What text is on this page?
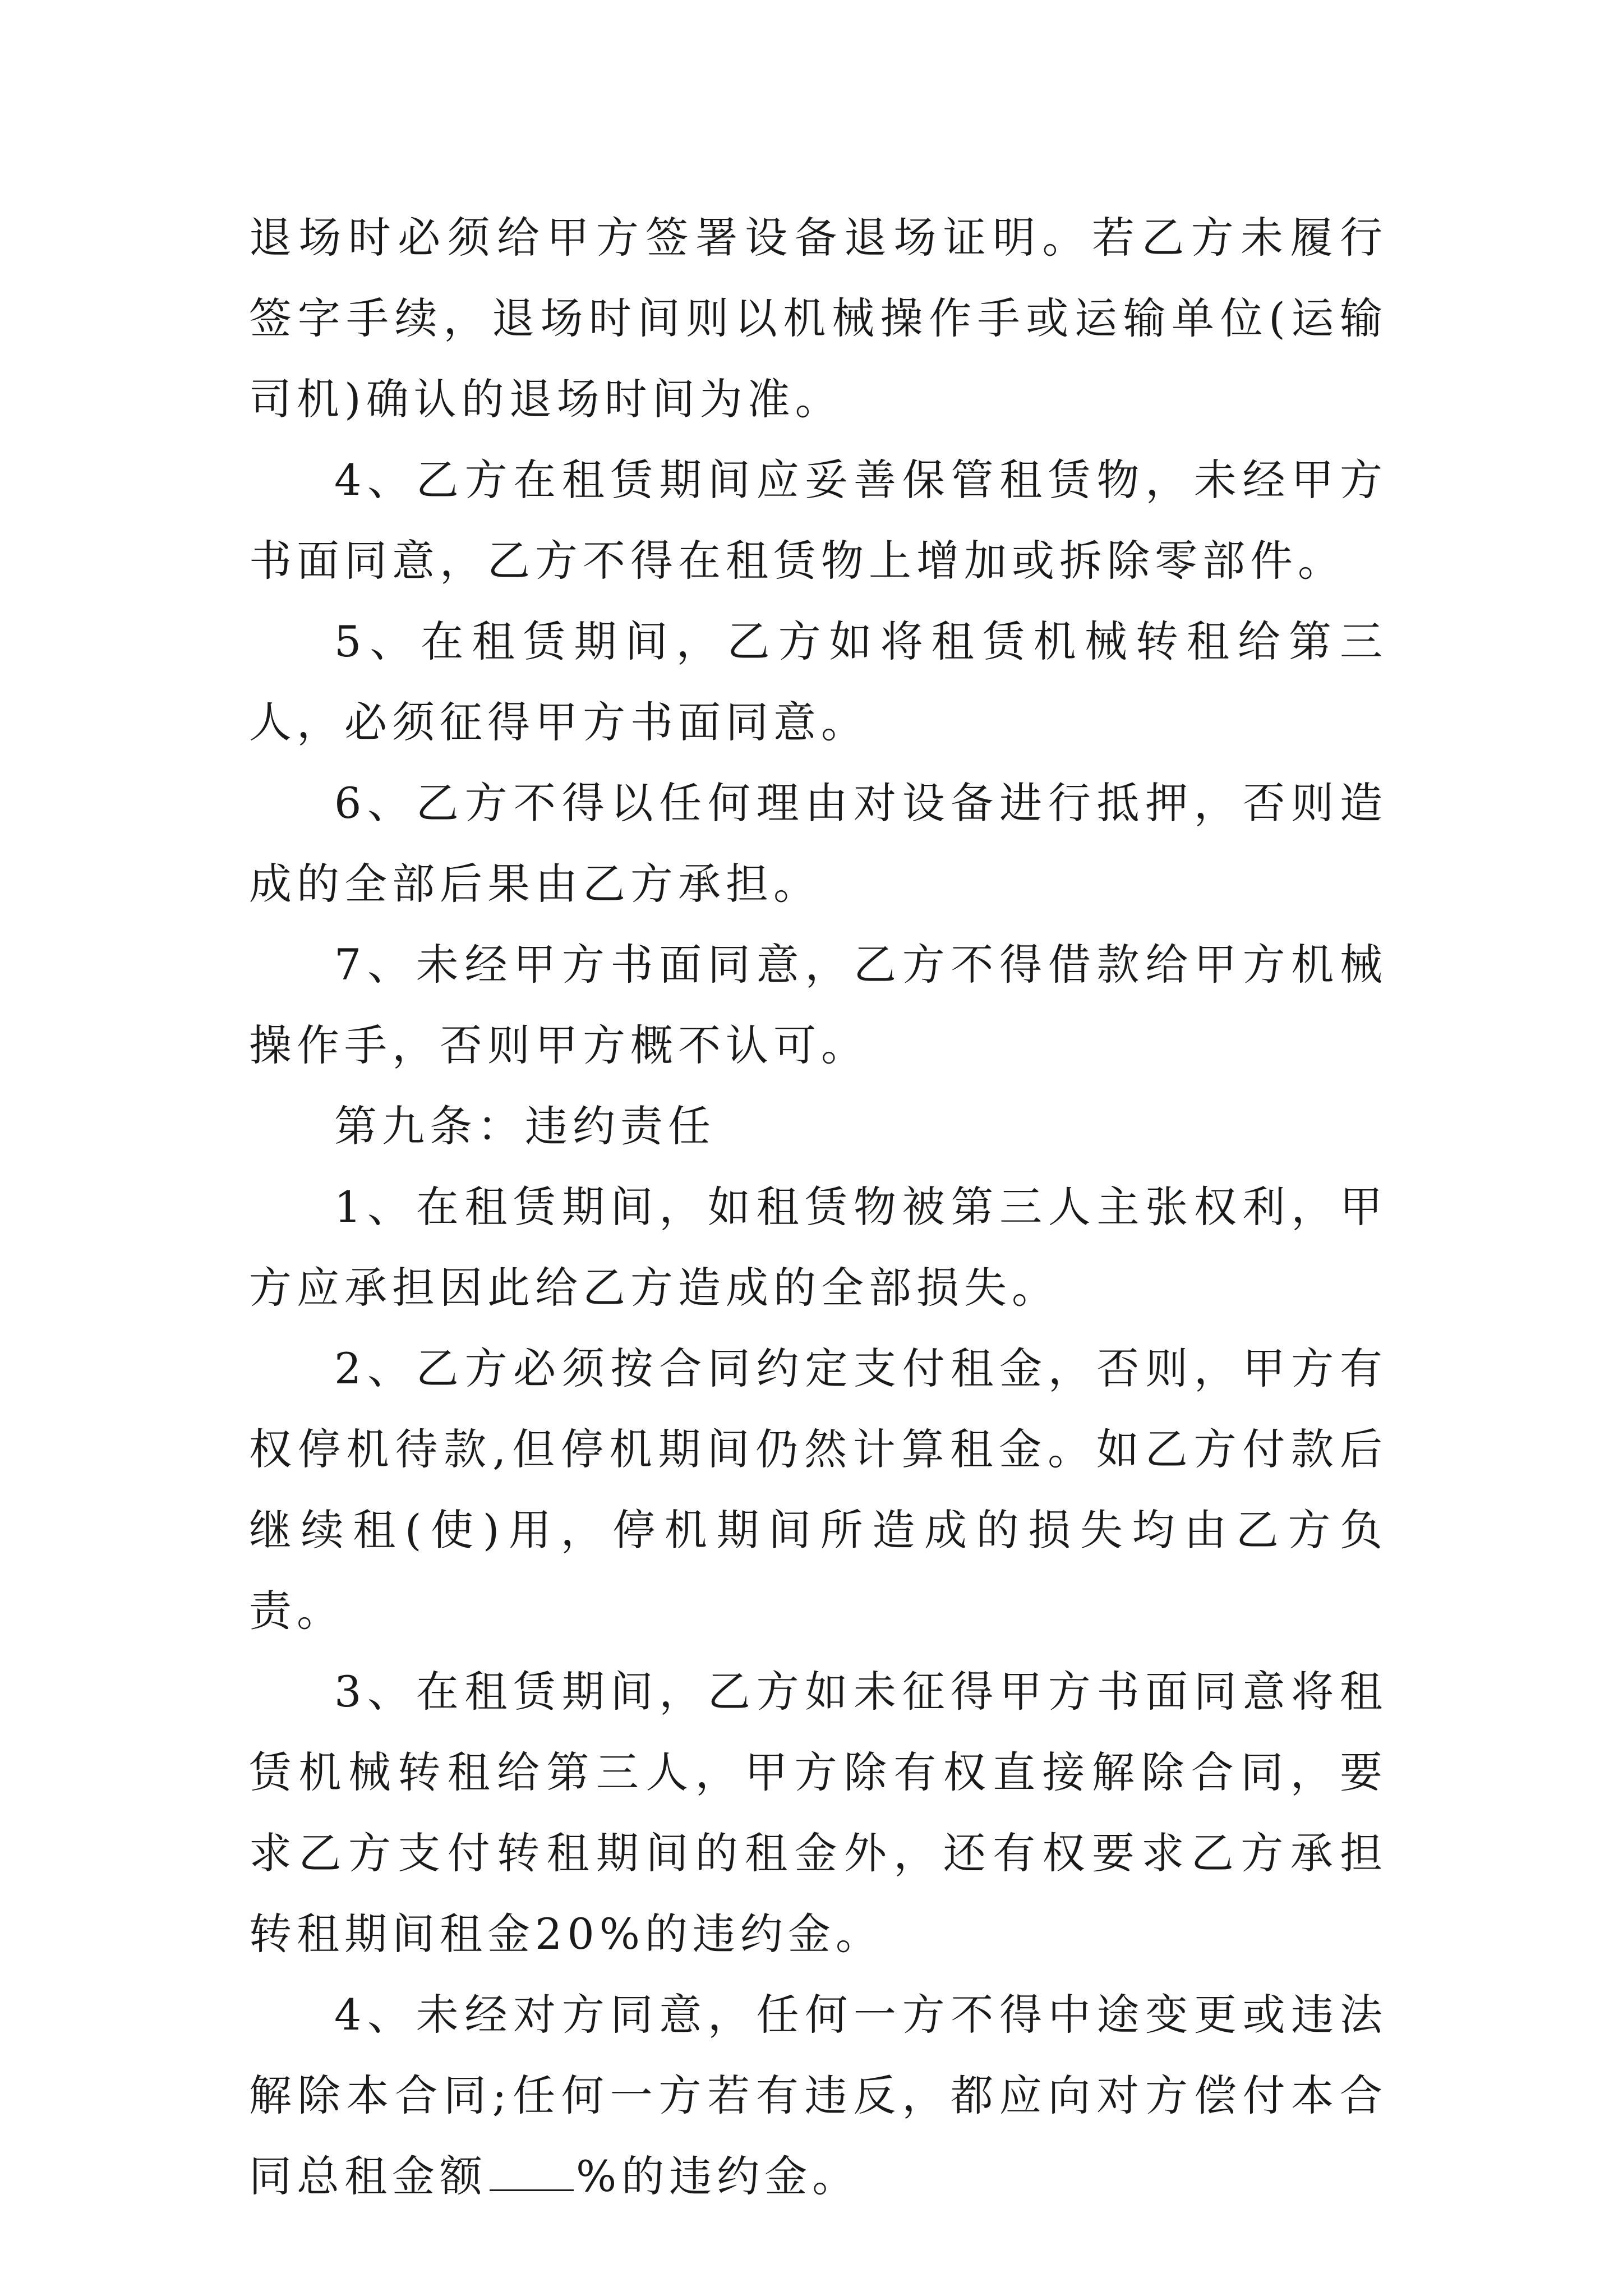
退场时必须给甲方签署设备退场证明。若乙方未履行签字手续，退场时间则以机械操作手或运输单位(运输司机)确认的退场时间为准。

4、乙方在租赁期间应妥善保管租赁物，未经甲方书面同意，乙方不得在租赁物上增加或拆除零部件。

5、在租赁期间，乙方如将租赁机械转租给第三人，必须征得甲方书面同意。

6、乙方不得以任何理由对设备进行抵押，否则造成的全部后果由乙方承担。

7、未经甲方书面同意，乙方不得借款给甲方机械操作手，否则甲方概不认可。

第九条：违约责任

1、在租赁期间，如租赁物被第三人主张权利，甲方应承担因此给乙方造成的全部损失。

2、乙方必须按合同约定支付租金，否则，甲方有权停机待款,但停机期间仍然计算租金。如乙方付款后继续租(使)用，停机期间所造成的损失均由乙方负责。

3、在租赁期间，乙方如未征得甲方书面同意将租赁机械转租给第三人，甲方除有权直接解除合同，要求乙方支付转租期间的租金外，还有权要求乙方承担转租期间租金20%的违约金。

4、未经对方同意，任何一方不得中途变更或违法解除本合同;任何一方若有违反，都应向对方偿付本合同总租金额 %的违约金。
